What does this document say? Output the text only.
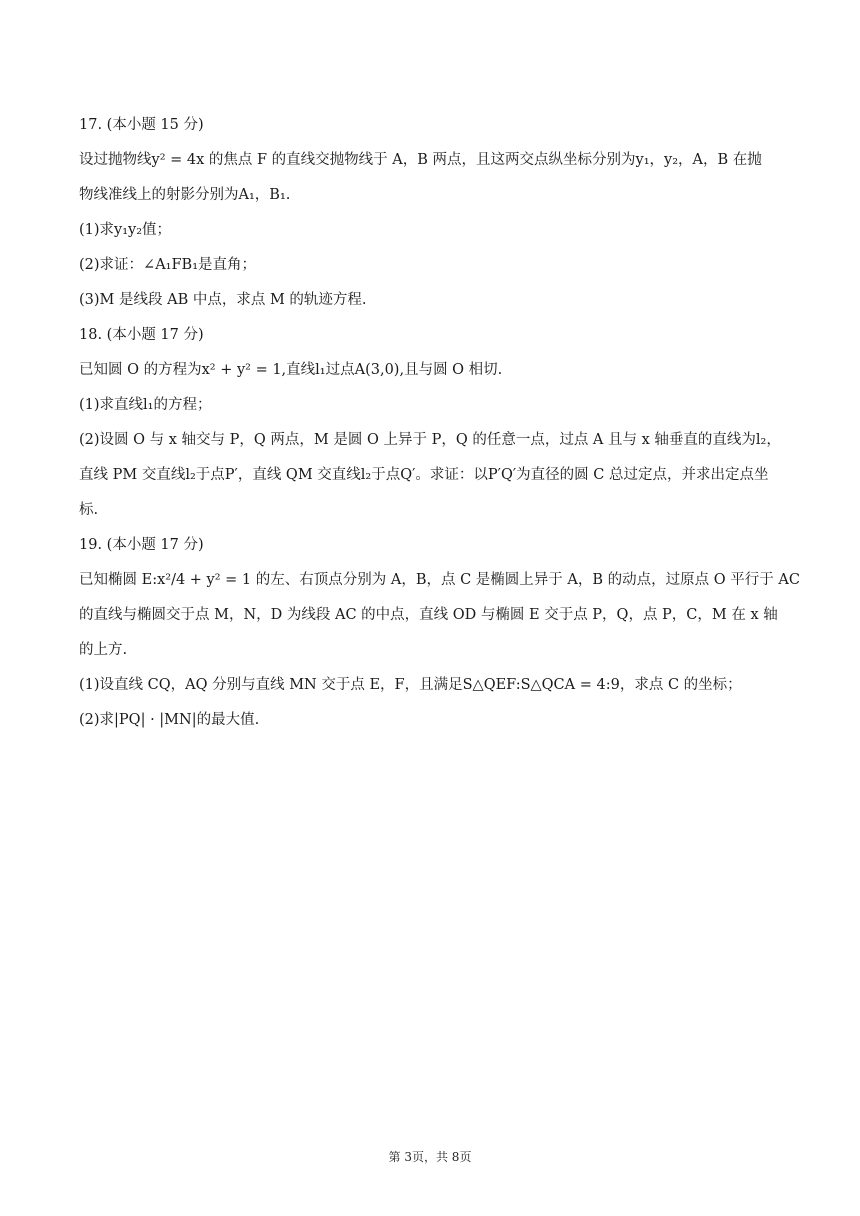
17. (本小题 15 分)
设过抛物线y² = 4x 的焦点 F 的直线交抛物线于 A，B 两点，且这两交点纵坐标分别为y₁，y₂，A，B 在抛
物线准线上的射影分别为A₁，B₁.
(1)求y₁y₂值；
(2)求证：∠A₁FB₁是直角；
(3)M 是线段 AB 中点，求点 M 的轨迹方程.
18. (本小题 17 分)
已知圆 O 的方程为x² + y² = 1,直线l₁过点A(3,0),且与圆 O 相切.
(1)求直线l₁的方程；
(2)设圆 O 与 x 轴交与 P，Q 两点，M 是圆 O 上异于 P，Q 的任意一点，过点 A 且与 x 轴垂直的直线为l₂，
直线 PM 交直线l₂于点P′，直线 QM 交直线l₂于点Q′。求证：以P′Q′为直径的圆 C 总过定点，并求出定点坐
标.
19. (本小题 17 分)
已知椭圆 E:x²/4 + y² = 1 的左、右顶点分别为 A，B，点 C 是椭圆上异于 A，B 的动点，过原点 O 平行于 AC
的直线与椭圆交于点 M，N，D 为线段 AC 的中点，直线 OD 与椭圆 E 交于点 P，Q，点 P，C，M 在 x 轴
的上方.
(1)设直线 CQ，AQ 分别与直线 MN 交于点 E，F，且满足S△QEF:S△QCA = 4:9，求点 C 的坐标；
(2)求|PQ| · |MN|的最大值.
第 3页，共 8页
